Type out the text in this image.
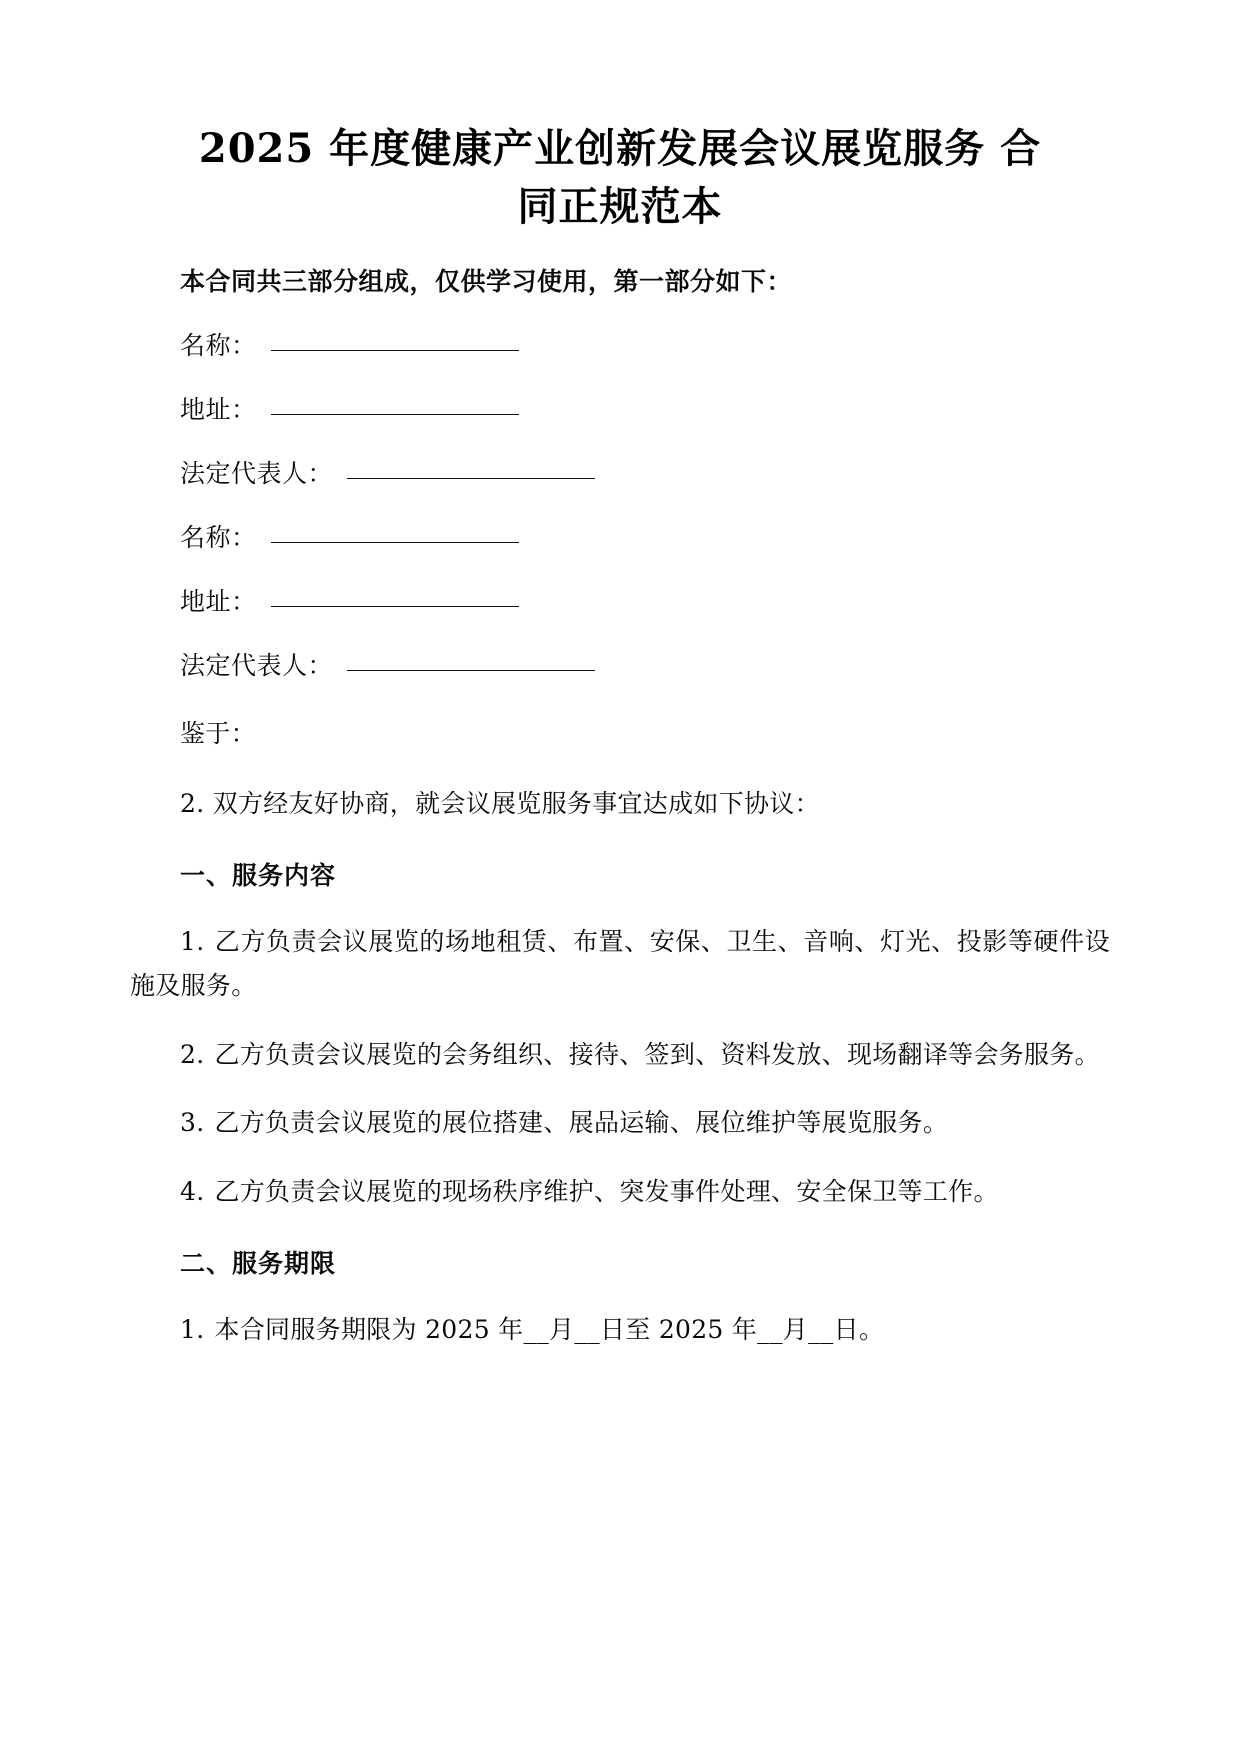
2025 年度健康产业创新发展会议展览服务 合同正规范本

本合同共三部分组成，仅供学习使用，第一部分如下：

名称：
地址：
法定代表人：
名称：
地址：
法定代表人：

鉴于：

2. 双方经友好协商，就会议展览服务事宜达成如下协议：

一、服务内容

1. 乙方负责会议展览的场地租赁、布置、安保、卫生、音响、灯光、投影等硬件设施及服务。

2. 乙方负责会议展览的会务组织、接待、签到、资料发放、现场翻译等会务服务。

3. 乙方负责会议展览的展位搭建、展品运输、展位维护等展览服务。

4. 乙方负责会议展览的现场秩序维护、突发事件处理、安全保卫等工作。

二、服务期限

1. 本合同服务期限为 2025 年__月__日至 2025 年__月__日。
